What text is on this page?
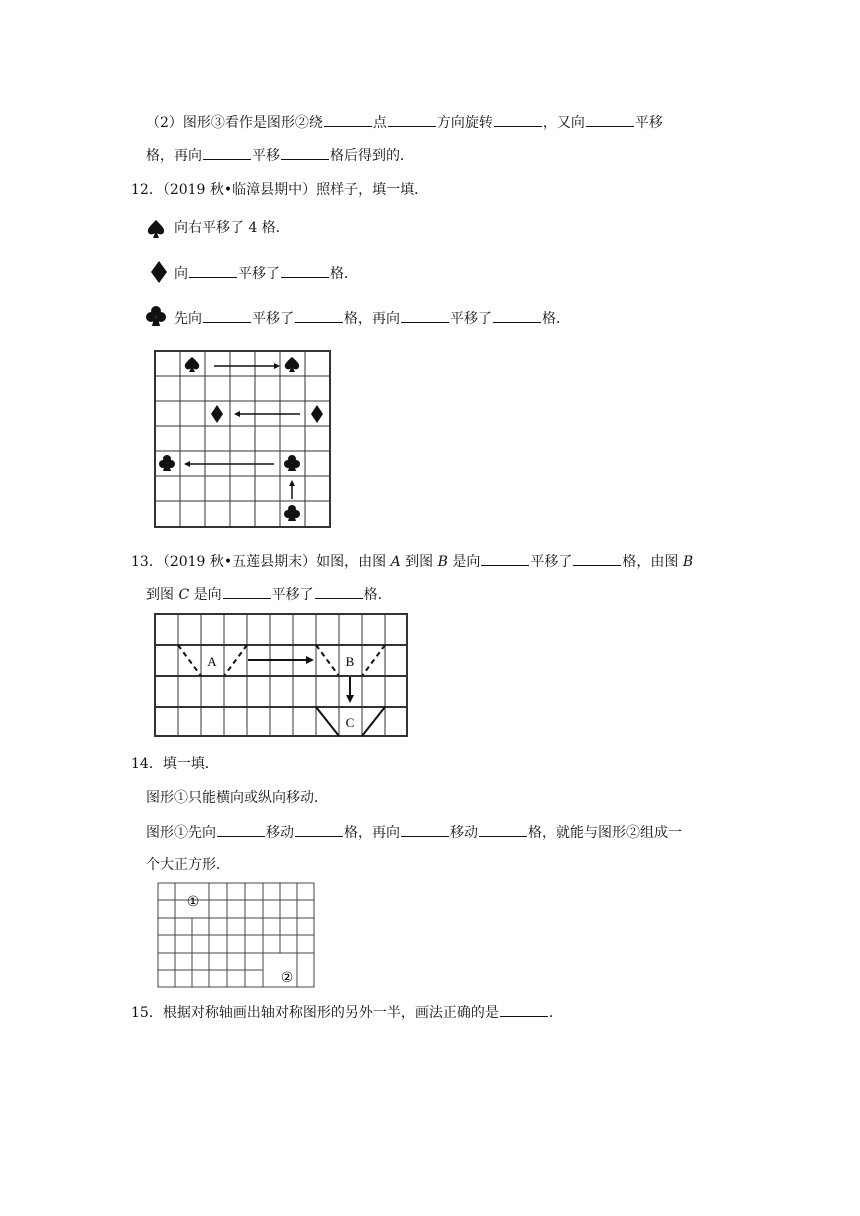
（2）图形③看作是图形②绕	点	方向旋转	，又向	平移
格，再向	平移	格后得到的．
12．（2019 秋•临漳县期中）照样子，填一填．
向右平移了 4 格．
向	平移了	格．
先向	平移了	格，再向	平移了	格．
13．（2019 秋•五莲县期末）如图，由图 A 到图 B 是向	平移了	格，由图 B
到图 C 是向	平移了	格．
A	B
C
14．填一填．
图形①只能横向或纵向移动．
图形①先向	移动	格，再向	移动	格，就能与图形②组成一
个大正方形．
①
②
15．根据对称轴画出轴对称图形的另外一半，画法正确的是	．
